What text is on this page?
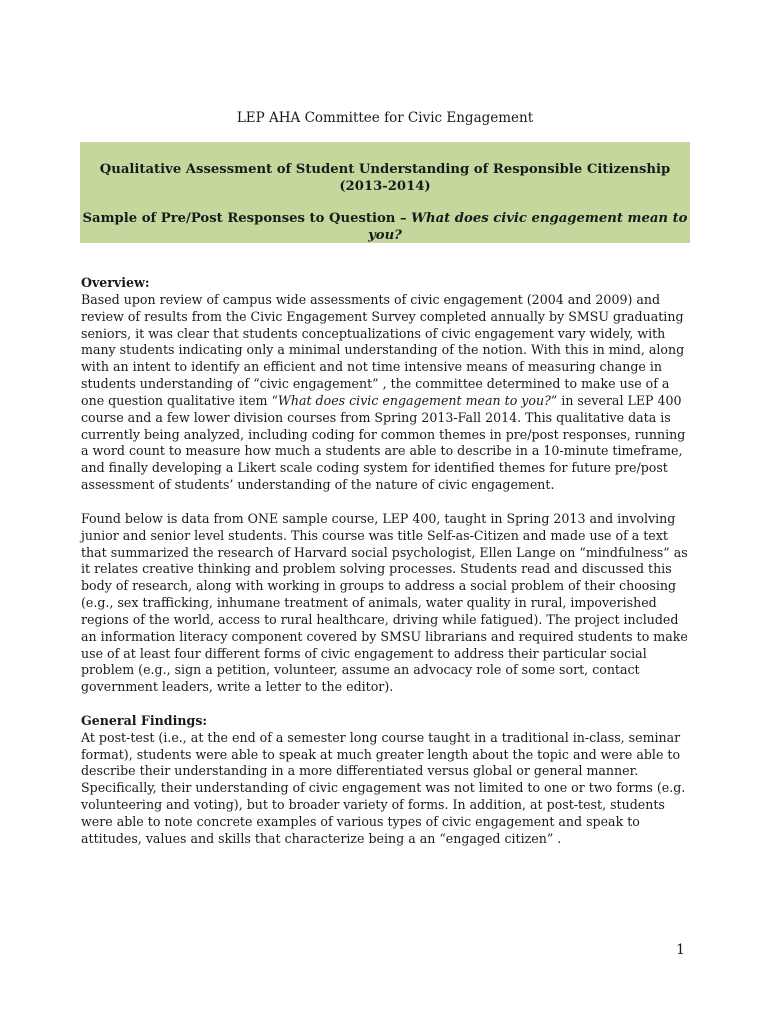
LEP AHA Committee for Civic Engagement
Qualitative Assessment of Student Understanding of Responsible Citizenship
(2013-2014)
Sample of Pre/Post Responses to Question – What does civic engagement mean to you?
Overview:

Based upon review of campus wide assessments of civic engagement (2004 and 2009) and review of results from the Civic Engagement Survey completed annually by SMSU graduating seniors, it was clear that students conceptualizations of civic engagement vary widely, with many students indicating only a minimal understanding of the notion. With this in mind, along with an intent to identify an efficient and not time intensive means of measuring change in students understanding of “civic engagement” , the committee determined to make use of a one question qualitative item “What does civic engagement mean to you?” in several LEP 400 course and a few lower division courses from Spring 2013-Fall 2014. This qualitative data is currently being analyzed, including coding for common themes in pre/post responses, running a word count to measure how much a students are able to describe in a 10-minute timeframe, and finally developing a Likert scale coding system for identified themes for future pre/post assessment of students’ understanding of the nature of civic engagement.

Found below is data from ONE sample course, LEP 400, taught in Spring 2013 and involving junior and senior level students. This course was title Self-as-Citizen and made use of a text that summarized the research of Harvard social psychologist, Ellen Lange on “mindfulness” as it relates creative thinking and problem solving processes. Students read and discussed this body of research, along with working in groups to address a social problem of their choosing (e.g., sex trafficking, inhumane treatment of animals, water quality in rural, impoverished regions of the world, access to rural healthcare, driving while fatigued). The project included an information literacy component covered by SMSU librarians and required students to make use of at least four different forms of civic engagement to address their particular social problem (e.g., sign a petition, volunteer, assume an advocacy role of some sort, contact government leaders, write a letter to the editor).

General Findings:

At post-test (i.e., at the end of a semester long course taught in a traditional in-class, seminar format), students were able to speak at much greater length about the topic and were able to describe their understanding in a more differentiated versus global or general manner. Specifically, their understanding of civic engagement was not limited to one or two forms (e.g. volunteering and voting), but to broader variety of forms. In addition, at post-test, students were able to note concrete examples of various types of civic engagement and speak to attitudes, values and skills that characterize being a an “engaged citizen” .

1
